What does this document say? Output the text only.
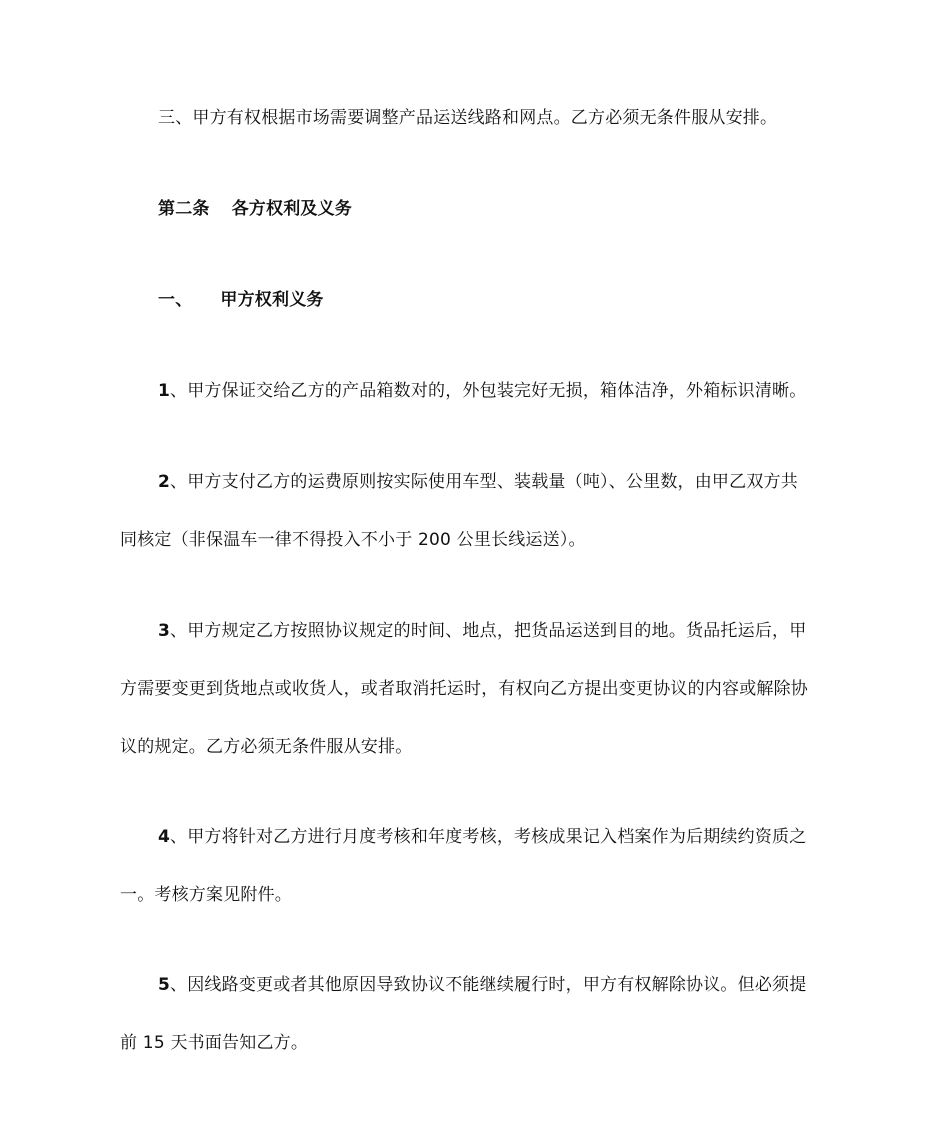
三、甲方有权根据市场需要调整产品运送线路和网点。乙方必须无条件服从安排。
第二条 各方权利及义务
一、 甲方权利义务
1、甲方保证交给乙方的产品箱数对的，外包装完好无损，箱体洁净，外箱标识清晰。
2、甲方支付乙方的运费原则按实际使用车型、装载量（吨）、公里数，由甲乙双方共
同核定（非保温车一律不得投入不小于 200 公里长线运送）。
3、甲方规定乙方按照协议规定的时间、地点，把货品运送到目的地。货品托运后，甲
方需要变更到货地点或收货人，或者取消托运时，有权向乙方提出变更协议的内容或解除协
议的规定。乙方必须无条件服从安排。
4、甲方将针对乙方进行月度考核和年度考核，考核成果记入档案作为后期续约资质之
一。考核方案见附件。
5、因线路变更或者其他原因导致协议不能继续履行时，甲方有权解除协议。但必须提
前 15 天书面告知乙方。
